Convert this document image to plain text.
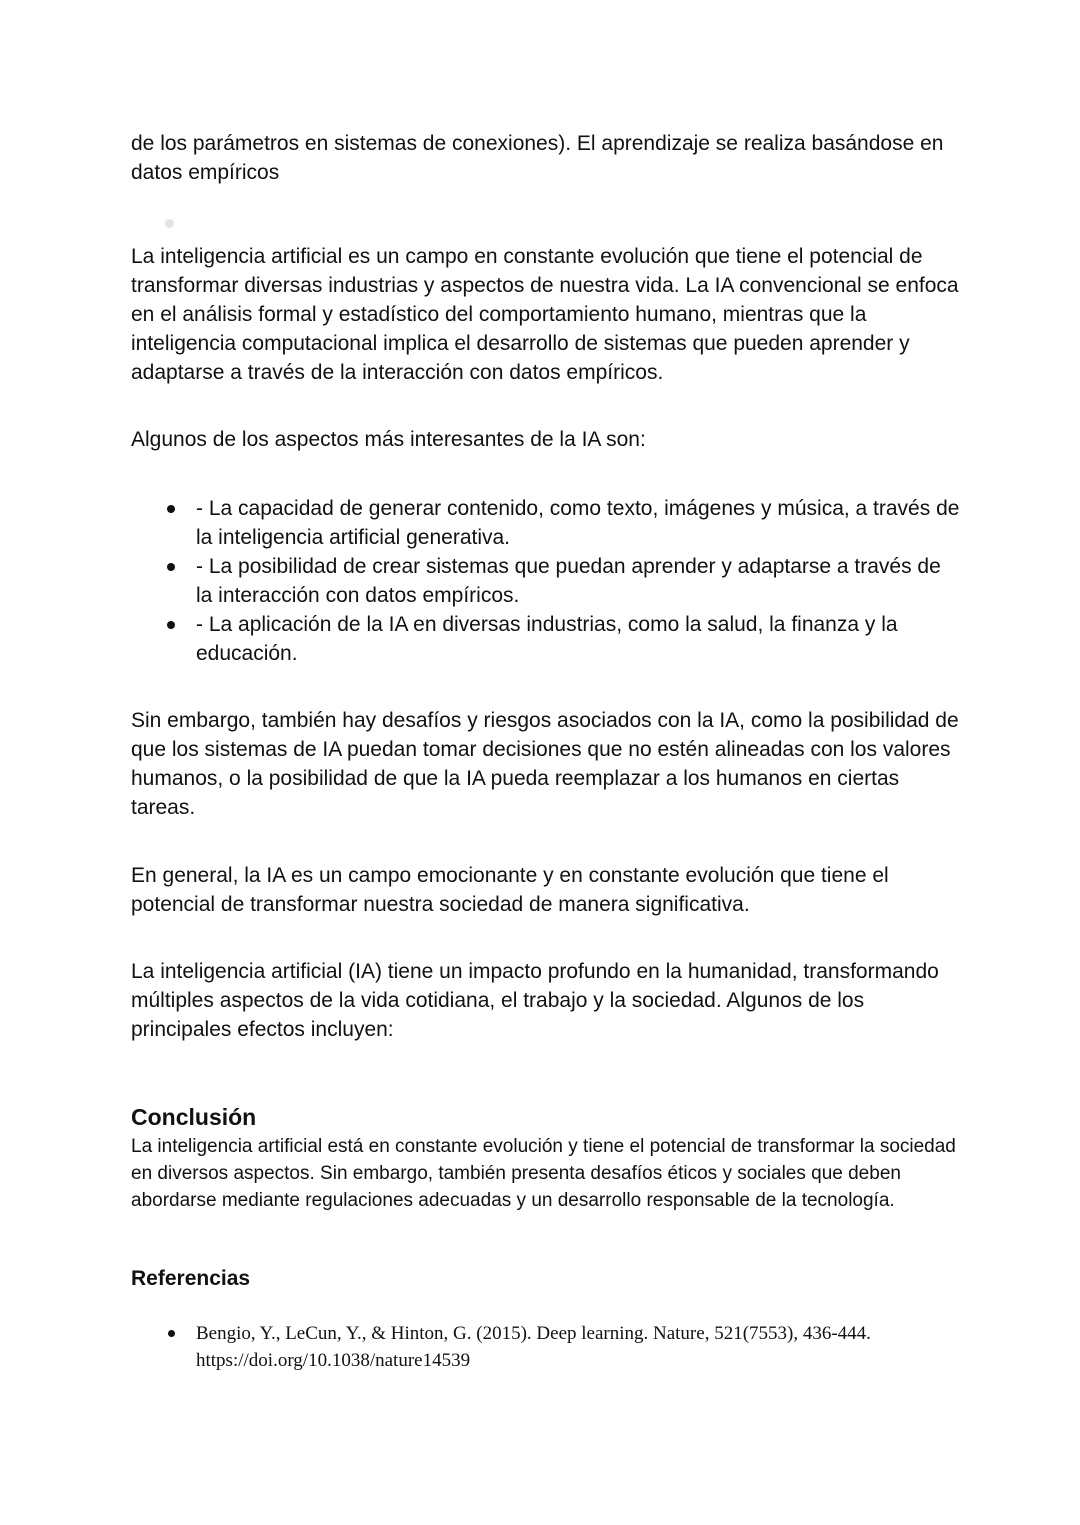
de los parámetros en sistemas de conexiones). El aprendizaje se realiza basándose en datos empíricos

La inteligencia artificial es un campo en constante evolución que tiene el potencial de transformar diversas industrias y aspectos de nuestra vida. La IA convencional se enfoca en el análisis formal y estadístico del comportamiento humano, mientras que la inteligencia computacional implica el desarrollo de sistemas que pueden aprender y adaptarse a través de la interacción con datos empíricos.

Algunos de los aspectos más interesantes de la IA son:

- La capacidad de generar contenido, como texto, imágenes y música, a través de la inteligencia artificial generativa.
- La posibilidad de crear sistemas que puedan aprender y adaptarse a través de la interacción con datos empíricos.
- La aplicación de la IA en diversas industrias, como la salud, la finanza y la educación.

Sin embargo, también hay desafíos y riesgos asociados con la IA, como la posibilidad de que los sistemas de IA puedan tomar decisiones que no estén alineadas con los valores humanos, o la posibilidad de que la IA pueda reemplazar a los humanos en ciertas tareas.

En general, la IA es un campo emocionante y en constante evolución que tiene el potencial de transformar nuestra sociedad de manera significativa.

La inteligencia artificial (IA) tiene un impacto profundo en la humanidad, transformando múltiples aspectos de la vida cotidiana, el trabajo y la sociedad. Algunos de los principales efectos incluyen:

Conclusión

La inteligencia artificial está en constante evolución y tiene el potencial de transformar la sociedad en diversos aspectos. Sin embargo, también presenta desafíos éticos y sociales que deben abordarse mediante regulaciones adecuadas y un desarrollo responsable de la tecnología.

Referencias
Bengio, Y., LeCun, Y., & Hinton, G. (2015). Deep learning. Nature, 521(7553), 436-444.
https://doi.org/10.1038/nature14539
